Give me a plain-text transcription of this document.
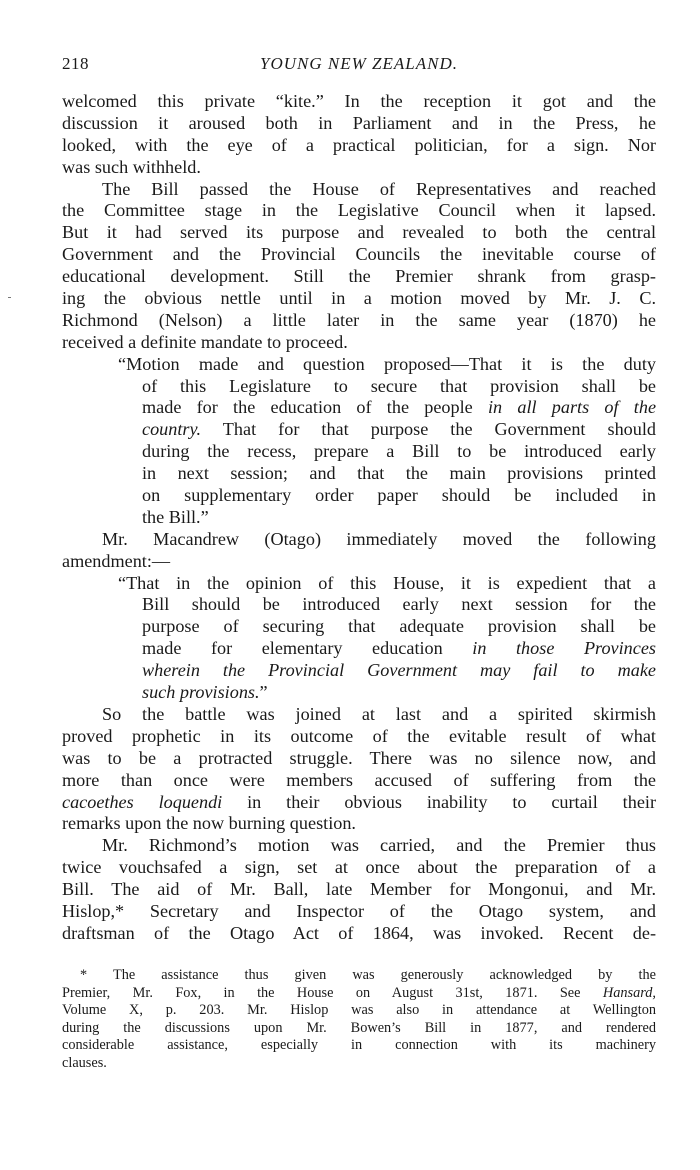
218	YOUNG NEW ZEALAND.
welcomed this private “kite.” In the reception it got and the
discussion it aroused both in Parliament and in the Press, he
looked, with the eye of a practical politician, for a sign. Nor
was such withheld.
The Bill passed the House of Representatives and reached
the Committee stage in the Legislative Council when it lapsed.
But it had served its purpose and revealed to both the central
Government and the Provincial Councils the inevitable course of
educational development. Still the Premier shrank from grasp-
ing the obvious nettle until in a motion moved by Mr. J. C.
Richmond (Nelson) a little later in the same year (1870) he
received a definite mandate to proceed.
“Motion made and question proposed—That it is the duty
of this Legislature to secure that provision shall be
made for the education of the people in all parts of the
country. That for that purpose the Government should
during the recess, prepare a Bill to be introduced early
in next session; and that the main provisions printed
on supplementary order paper should be included in
the Bill.”
Mr. Macandrew (Otago) immediately moved the following
amendment:—
“That in the opinion of this House, it is expedient that a
Bill should be introduced early next session for the
purpose of securing that adequate provision shall be
made for elementary education in those Provinces
wherein the Provincial Government may fail to make
such provisions.”
So the battle was joined at last and a spirited skirmish
proved prophetic in its outcome of the evitable result of what
was to be a protracted struggle. There was no silence now, and
more than once were members accused of suffering from the
cacoethes loquendi in their obvious inability to curtail their
remarks upon the now burning question.
Mr. Richmond’s motion was carried, and the Premier thus
twice vouchsafed a sign, set at once about the preparation of a
Bill. The aid of Mr. Ball, late Member for Mongonui, and Mr.
Hislop,* Secretary and Inspector of the Otago system, and
draftsman of the Otago Act of 1864, was invoked. Recent de-
* The assistance thus given was generously acknowledged by the
Premier, Mr. Fox, in the House on August 31st, 1871. See Hansard,
Volume X, p. 203. Mr. Hislop was also in attendance at Wellington
during the discussions upon Mr. Bowen’s Bill in 1877, and rendered
considerable assistance, especially in connection with its machinery
clauses.
